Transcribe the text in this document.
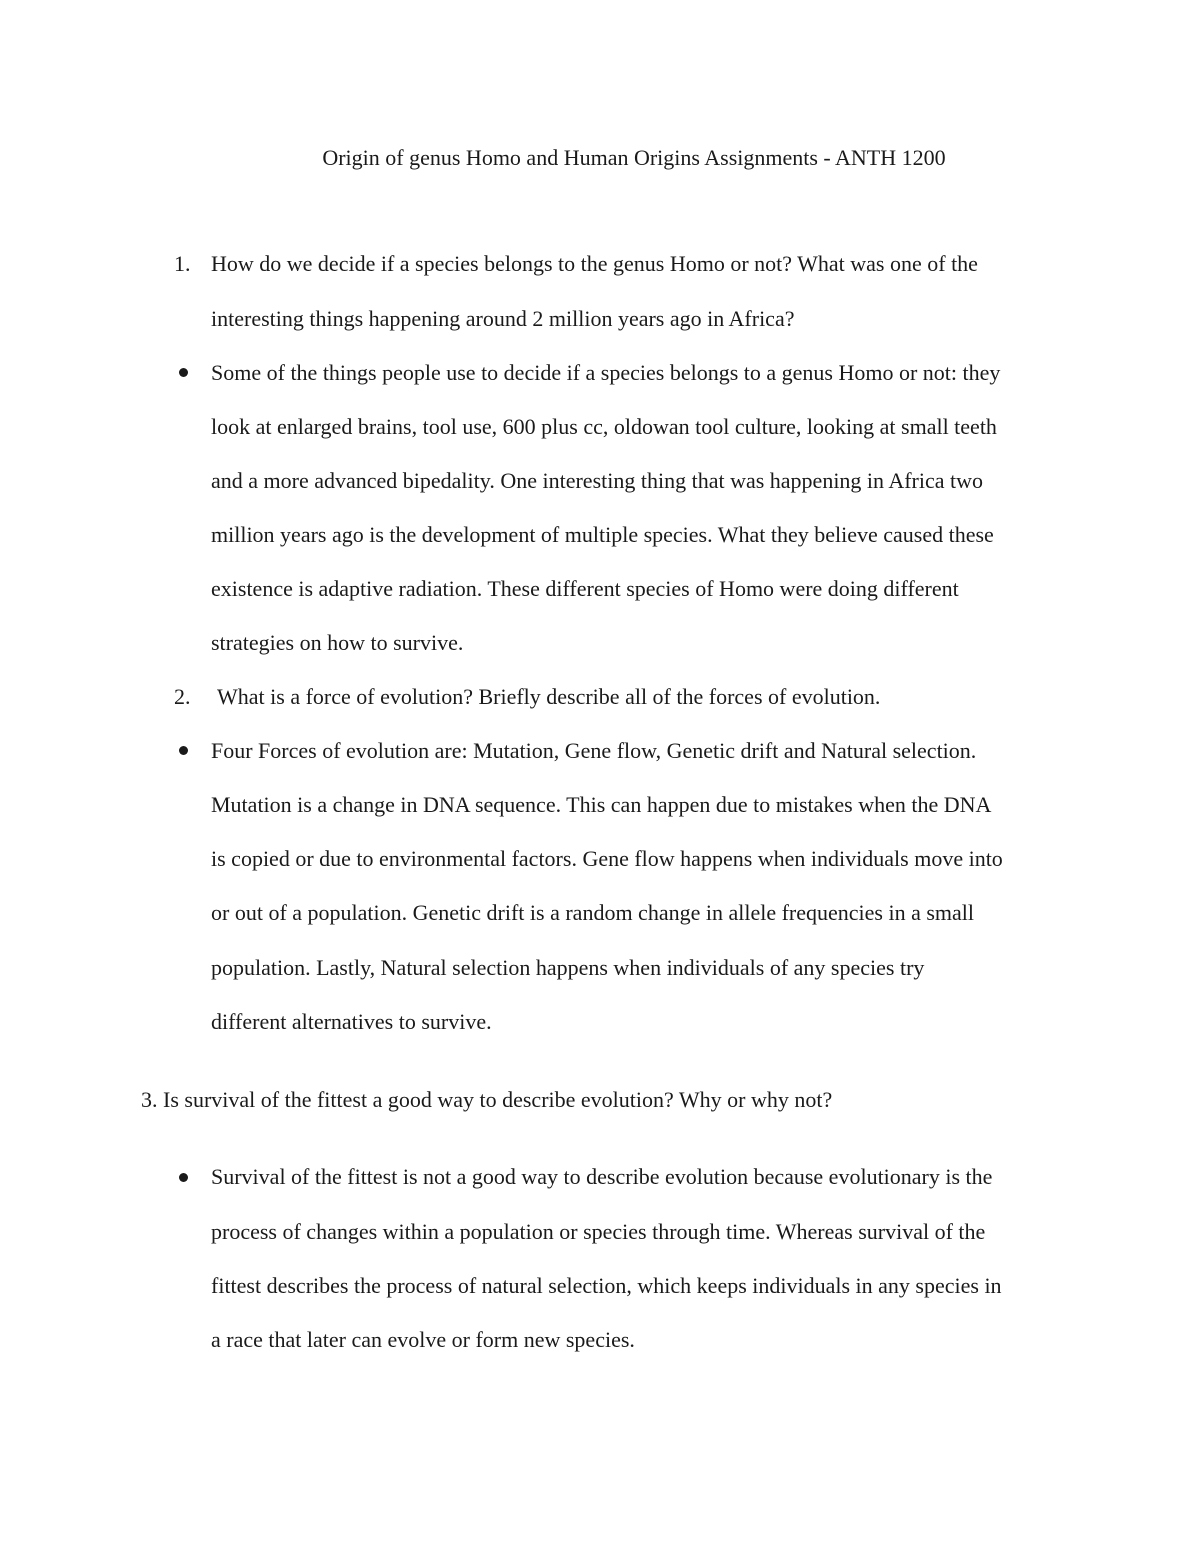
Origin of genus Homo and Human Origins Assignments - ANTH 1200
1. How do we decide if a species belongs to the genus Homo or not? What was one of the
interesting things happening around 2 million years ago in Africa?
Some of the things people use to decide if a species belongs to a genus Homo or not: they
look at enlarged brains, tool use, 600 plus cc, oldowan tool culture, looking at small teeth
and a more advanced bipedality. One interesting thing that was happening in Africa two
million years ago is the development of multiple species. What they believe caused these
existence is adaptive radiation. These different species of Homo were doing different
strategies on how to survive.
2. What is a force of evolution? Briefly describe all of the forces of evolution.
Four Forces of evolution are: Mutation, Gene flow, Genetic drift and Natural selection.
Mutation is a change in DNA sequence. This can happen due to mistakes when the DNA
is copied or due to environmental factors. Gene flow happens when individuals move into
or out of a population. Genetic drift is a random change in allele frequencies in a small
population. Lastly, Natural selection happens when individuals of any species try
different alternatives to survive.
3. Is survival of the fittest a good way to describe evolution? Why or why not?
Survival of the fittest is not a good way to describe evolution because evolutionary is the
process of changes within a population or species through time. Whereas survival of the
fittest describes the process of natural selection, which keeps individuals in any species in
a race that later can evolve or form new species.
